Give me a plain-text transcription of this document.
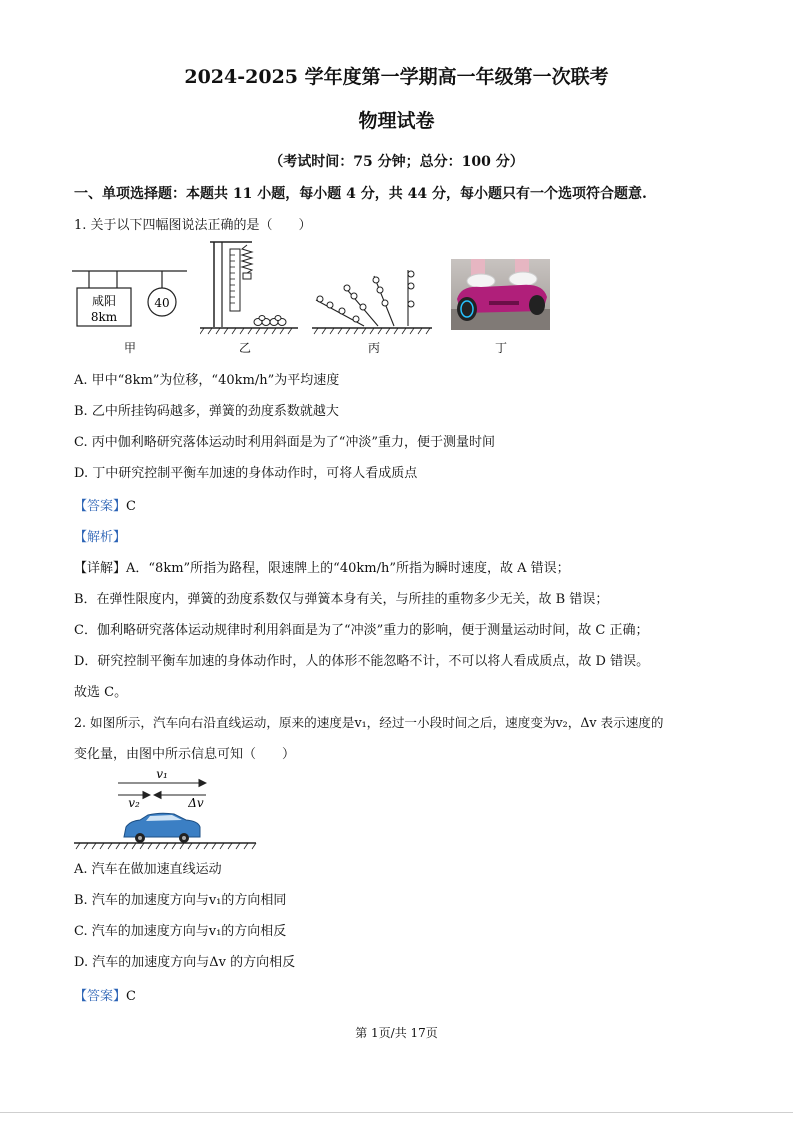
2024-2025 学年度第一学期高一年级第一次联考
物理试卷
（考试时间：75 分钟；总分：100 分）
一、单项选择题：本题共 11 小题，每小题 4 分，共 44 分，每小题只有一个选项符合题意.
1. 关于以下四幅图说法正确的是（　　）
咸阳
8km
40
甲	乙	丙	丁
A. 甲中“8km”为位移，“40km/h”为平均速度
B. 乙中所挂钩码越多，弹簧的劲度系数就越大
C. 丙中伽利略研究落体运动时利用斜面是为了“冲淡”重力，便于测量时间
D. 丁中研究控制平衡车加速的身体动作时，可将人看成质点
【答案】C
【解析】
【详解】A．“8km”所指为路程，限速牌上的“40km/h”所指为瞬时速度，故 A 错误；
B．在弹性限度内，弹簧的劲度系数仅与弹簧本身有关，与所挂的重物多少无关，故 B 错误；
C．伽利略研究落体运动规律时利用斜面是为了“冲淡”重力的影响，便于测量运动时间，故 C 正确；
D．研究控制平衡车加速的身体动作时，人的体形不能忽略不计，不可以将人看成质点，故 D 错误。
故选 C。
2. 如图所示，汽车向右沿直线运动，原来的速度是v₁，经过一小段时间之后，速度变为v₂，Δv 表示速度的
变化量，由图中所示信息可知（　　）
v₁
v₂	Δv
A. 汽车在做加速直线运动
B. 汽车的加速度方向与v₁的方向相同
C. 汽车的加速度方向与v₁的方向相反
D. 汽车的加速度方向与Δv 的方向相反
【答案】C
第 1页/共 17页
